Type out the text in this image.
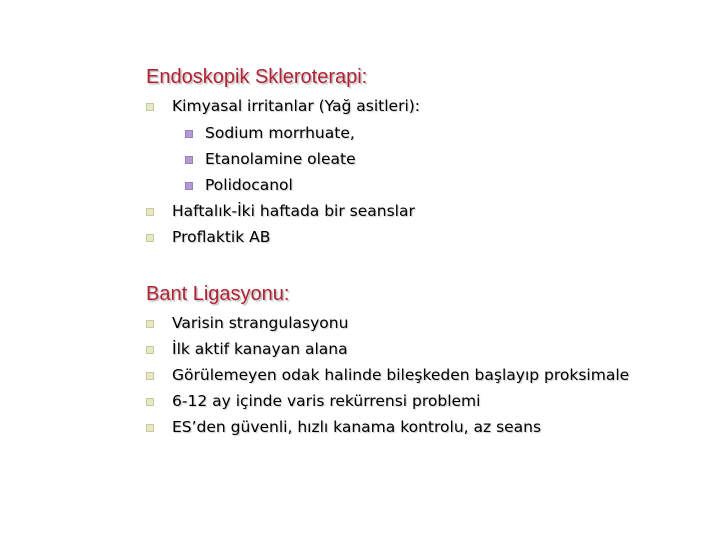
Endoskopik Skleroterapi:
Kimyasal irritanlar (Yağ asitleri):
Sodium morrhuate,
Etanolamine oleate
Polidocanol
Haftalık-İki haftada bir seanslar
Proflaktik AB
Bant Ligasyonu:
Varisin strangulasyonu
İlk aktif kanayan alana
Görülemeyen odak halinde bileşkeden başlayıp proksimale
6-12 ay içinde varis rekürrensi problemi
ES’den güvenli, hızlı kanama kontrolu, az seans
